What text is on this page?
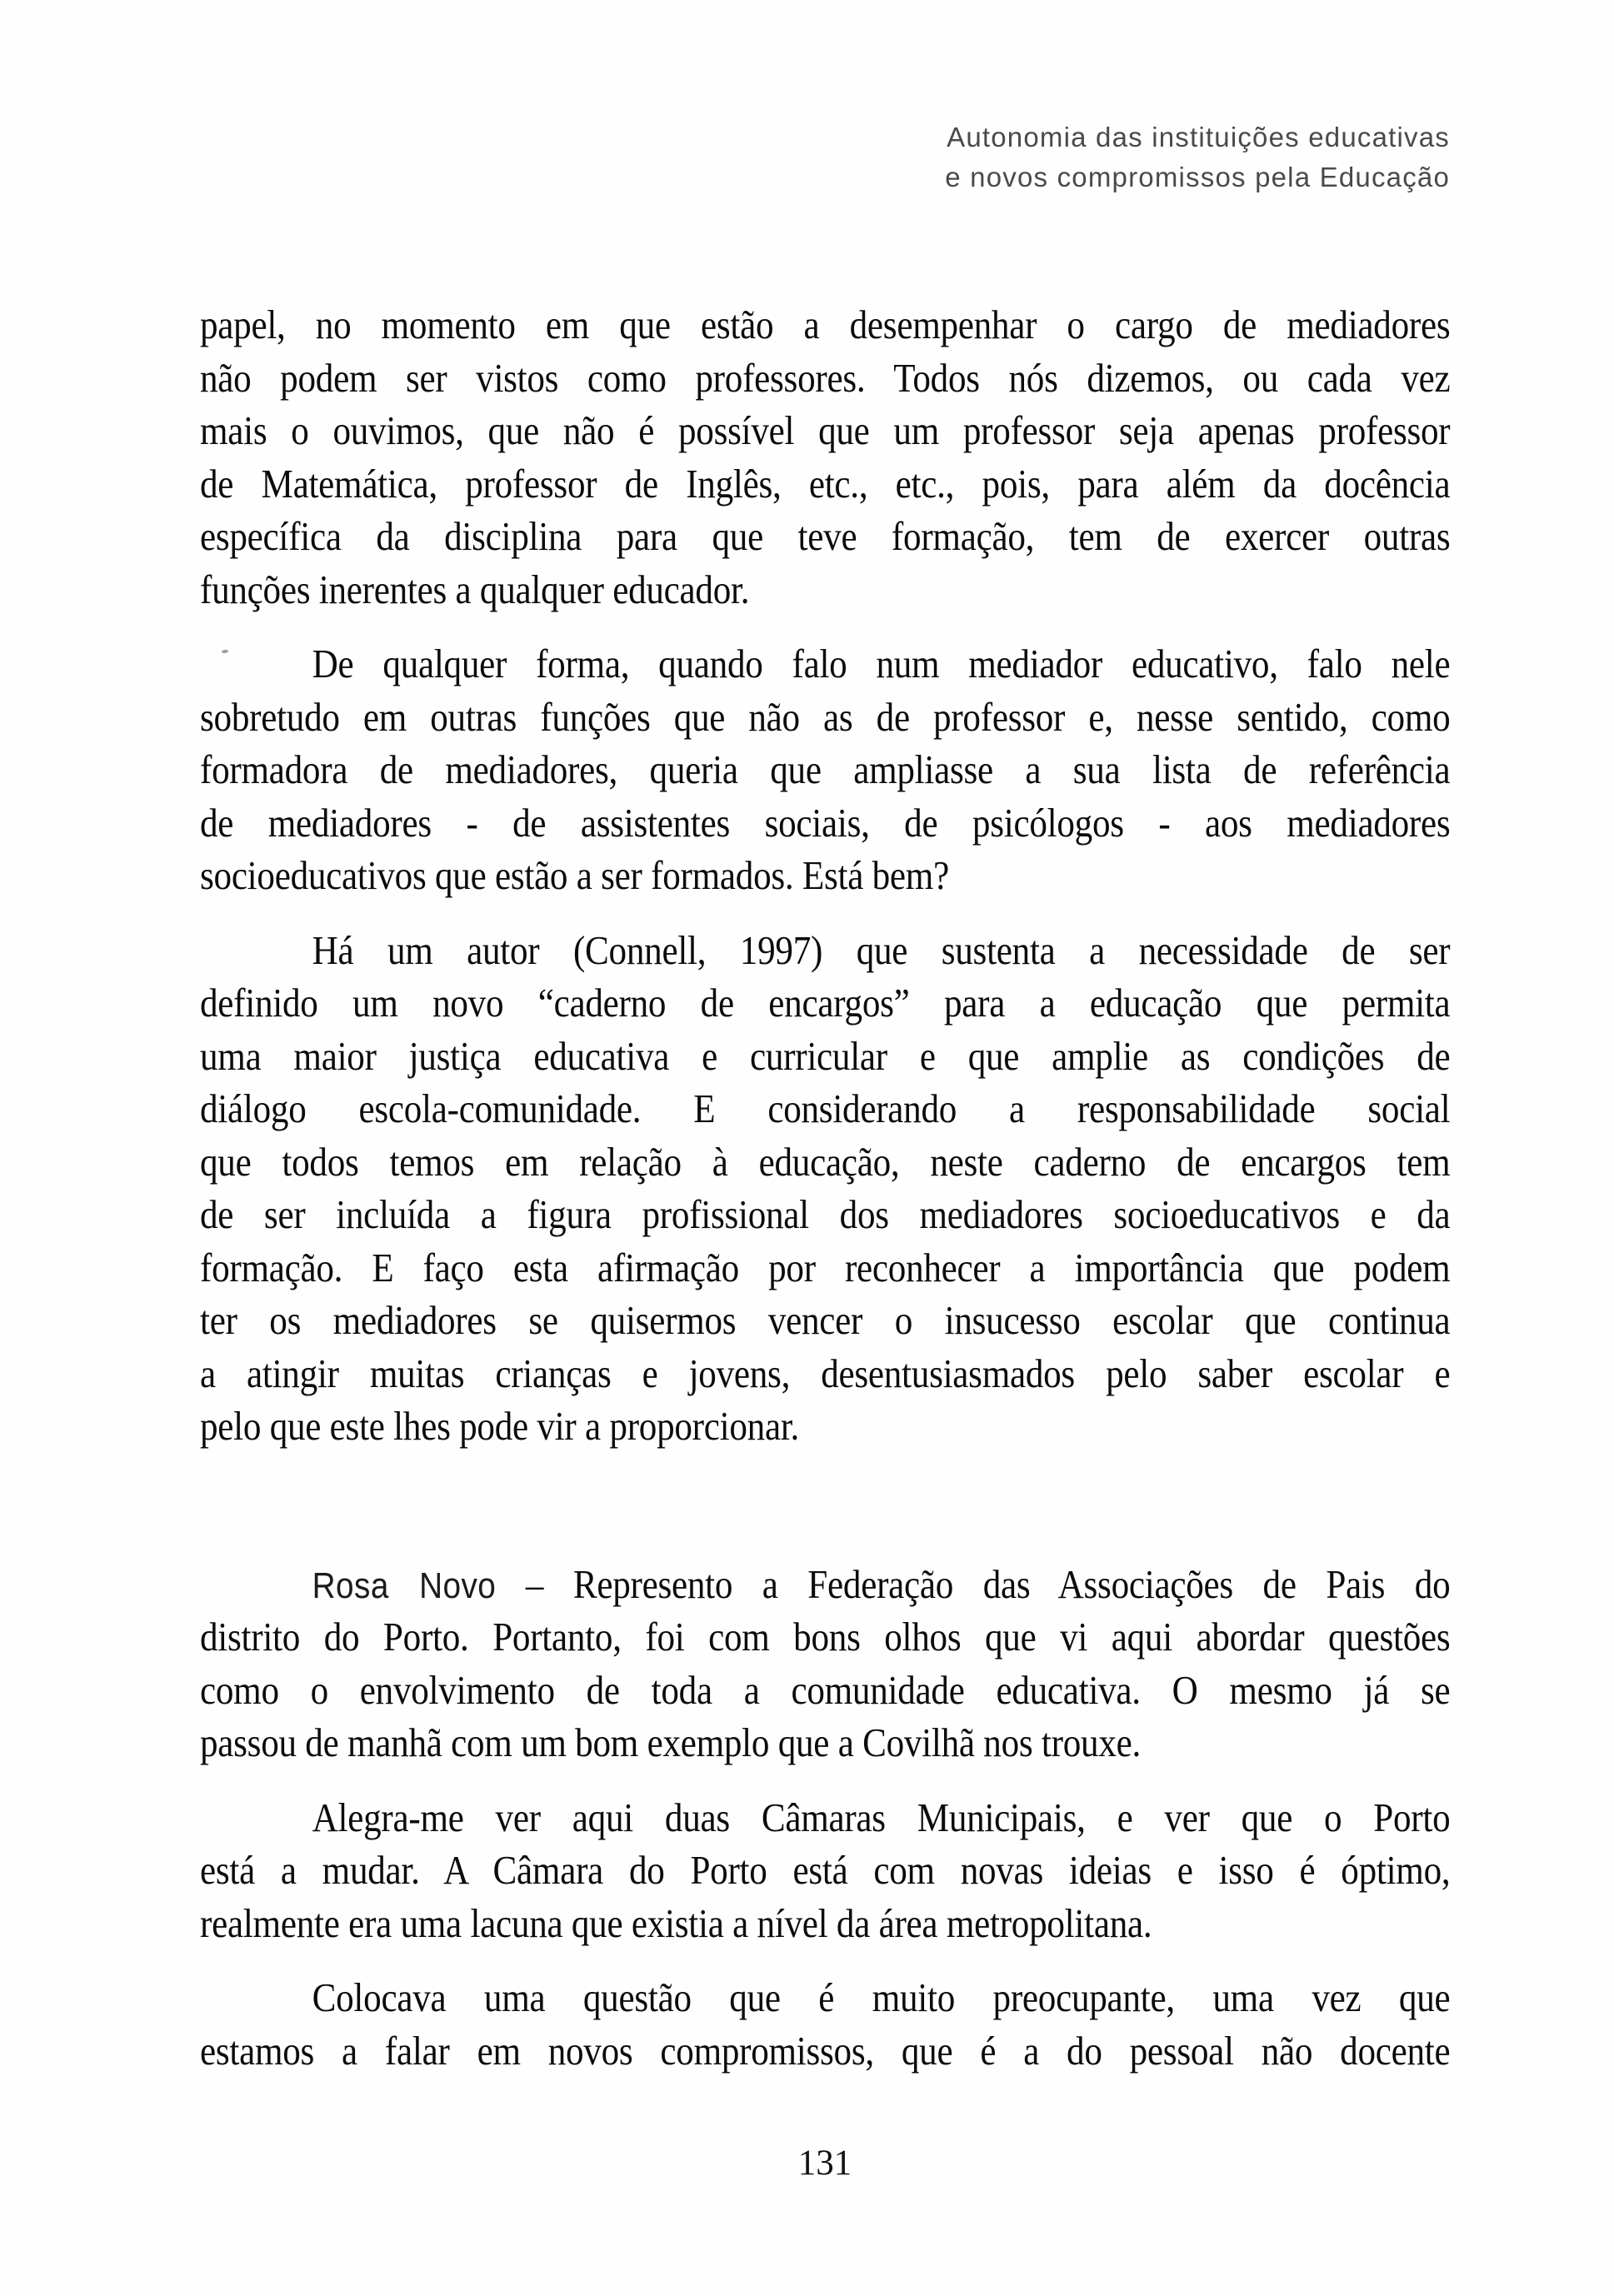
Autonomia das instituições educativas
e novos compromissos pela Educação
papel, no momento em que estão a desempenhar o cargo de mediadores
não podem ser vistos como professores. Todos nós dizemos, ou cada vez
mais o ouvimos, que não é possível que um professor seja apenas professor
de Matemática, professor de Inglês, etc., etc., pois, para além da docência
específica da disciplina para que teve formação, tem de exercer outras
funções inerentes a qualquer educador.
De qualquer forma, quando falo num mediador educativo, falo nele
sobretudo em outras funções que não as de professor e, nesse sentido, como
formadora de mediadores, queria que ampliasse a sua lista de referência
de mediadores - de assistentes sociais, de psicólogos - aos mediadores
socioeducativos que estão a ser formados. Está bem?
Há um autor (Connell, 1997) que sustenta a necessidade de ser
definido um novo “caderno de encargos” para a educação que permita
uma maior justiça educativa e curricular e que amplie as condições de
diálogo escola-comunidade. E considerando a responsabilidade social
que todos temos em relação à educação, neste caderno de encargos tem
de ser incluída a figura profissional dos mediadores socioeducativos e da
formação. E faço esta afirmação por reconhecer a importância que podem
ter os mediadores se quisermos vencer o insucesso escolar que continua
a atingir muitas crianças e jovens, desentusiasmados pelo saber escolar e
pelo que este lhes pode vir a proporcionar.
Rosa Novo – Represento a Federação das Associações de Pais do
distrito do Porto. Portanto, foi com bons olhos que vi aqui abordar questões
como o envolvimento de toda a comunidade educativa. O mesmo já se
passou de manhã com um bom exemplo que a Covilhã nos trouxe.
Alegra-me ver aqui duas Câmaras Municipais, e ver que o Porto
está a mudar. A Câmara do Porto está com novas ideias e isso é óptimo,
realmente era uma lacuna que existia a nível da área metropolitana.
Colocava uma questão que é muito preocupante, uma vez que
estamos a falar em novos compromissos, que é a do pessoal não docente
131
